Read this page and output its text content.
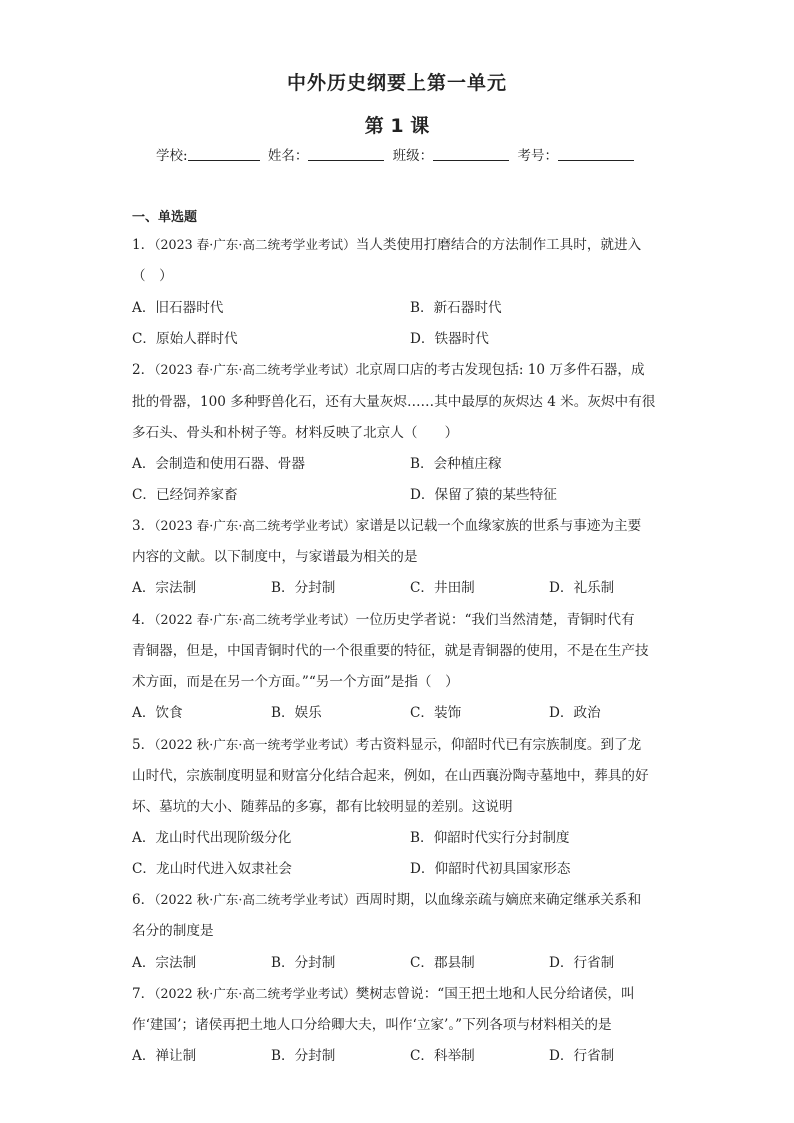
中外历史纲要上第一单元
第 1 课
学校:	姓名：	班级：	考号：
一、单选题
1．（2023 春·广东·高二统考学业考试）当人类使用打磨结合的方法制作工具时，就进入
（　）
A．旧石器时代	B．新石器时代
C．原始人群时代	D．铁器时代
2．（2023 春·广东·高二统考学业考试）北京周口店的考古发现包括: 10 万多件石器，成
批的骨器，100 多种野兽化石，还有大量灰烬……其中最厚的灰烬达 4 米。灰烬中有很
多石头、骨头和朴树子等。材料反映了北京人（　　）
A．会制造和使用石器、骨器	B．会种植庄稼
C．已经饲养家畜	D．保留了猿的某些特征
3．（2023 春·广东·高二统考学业考试）家谱是以记载一个血缘家族的世系与事迹为主要
内容的文献。以下制度中，与家谱最为相关的是
A．宗法制	B．分封制	C．井田制	D．礼乐制
4．（2022 春·广东·高二统考学业考试）一位历史学者说：“我们当然清楚，青铜时代有
青铜器，但是，中国青铜时代的一个很重要的特征，就是青铜器的使用，不是在生产技
术方面，而是在另一个方面。”“另一个方面”是指（　）
A．饮食	B．娱乐	C．装饰	D．政治
5．（2022 秋·广东·高一统考学业考试）考古资料显示，仰韶时代已有宗族制度。到了龙
山时代，宗族制度明显和财富分化结合起来，例如，在山西襄汾陶寺墓地中，葬具的好
坏、墓坑的大小、随葬品的多寡，都有比较明显的差别。这说明
A．龙山时代出现阶级分化	B．仰韶时代实行分封制度
C．龙山时代进入奴隶社会	D．仰韶时代初具国家形态
6．（2022 秋·广东·高二统考学业考试）西周时期，以血缘亲疏与嫡庶来确定继承关系和
名分的制度是
A．宗法制	B．分封制	C．郡县制	D．行省制
7．（2022 秋·广东·高二统考学业考试）樊树志曾说：“国王把土地和人民分给诸侯，叫
作‘建国’；诸侯再把土地人口分给卿大夫，叫作‘立家’。”下列各项与材料相关的是
A．禅让制	B．分封制	C．科举制	D．行省制
